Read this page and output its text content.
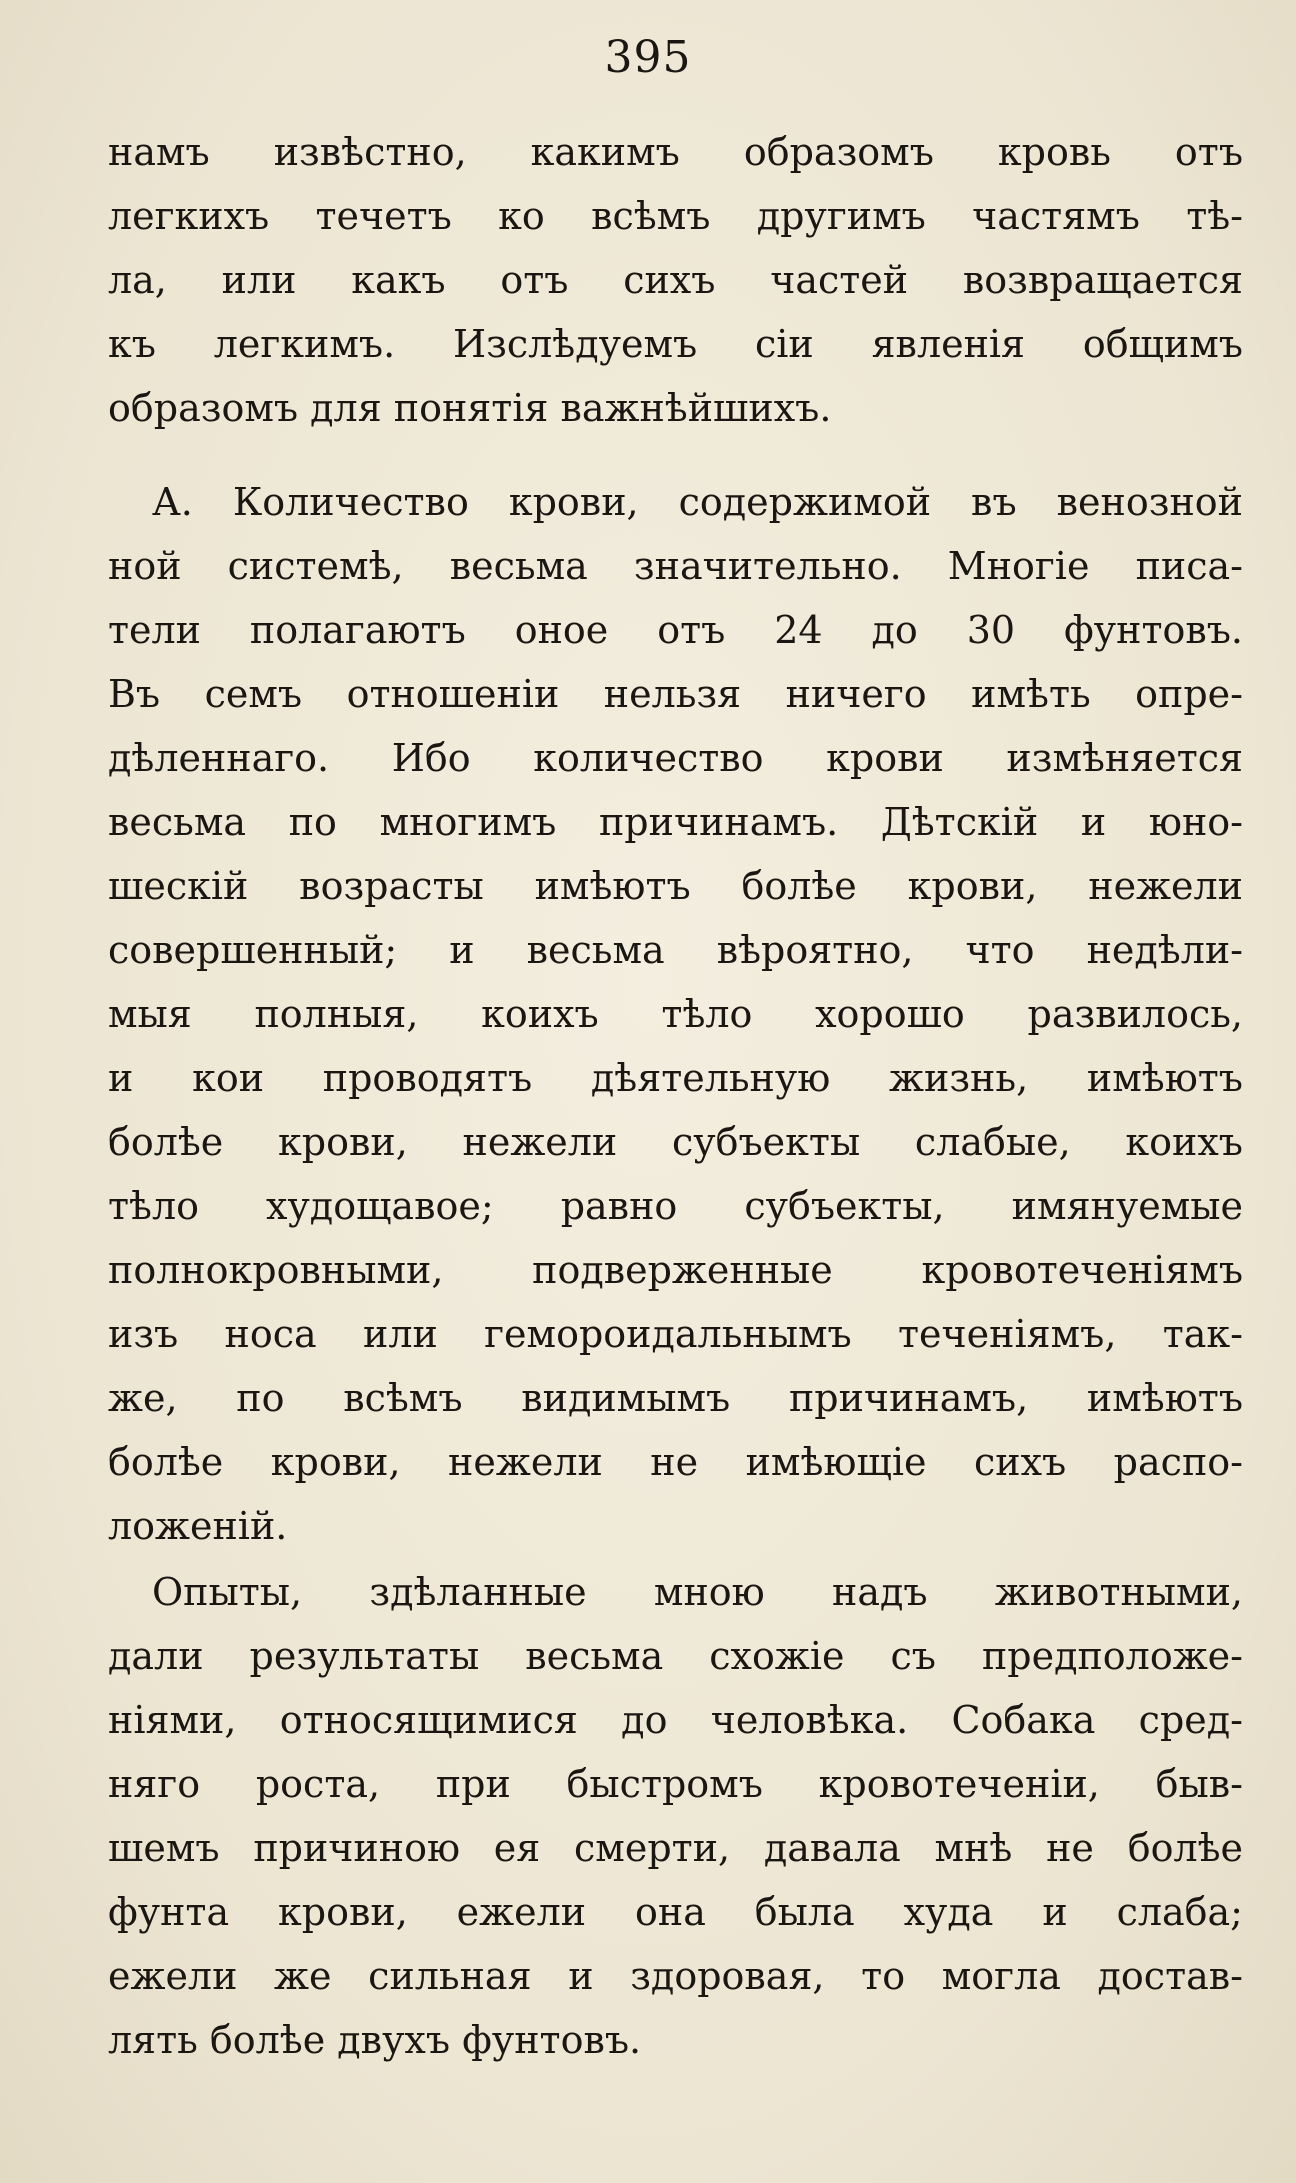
395
намъ извѣстно, какимъ образомъ кровь отъ
легкихъ течетъ ко всѣмъ другимъ частямъ тѣ-
ла, или какъ отъ сихъ частей возвращается
къ легкимъ. Изслѣдуемъ сіи явленія общимъ
образомъ для понятія важнѣйшихъ.
А. Количество крови, содержимой въ венозной
ной системѣ, весьма значительно. Многіе писа-
тели полагаютъ оное отъ 24 до 30 фунтовъ.
Въ семъ отношеніи нельзя ничего имѣть опре-
дѣленнаго. Ибо количество крови измѣняется
весьма по многимъ причинамъ. Дѣтскій и юно-
шескій возрасты имѣютъ болѣе крови, нежели
совершенный; и весьма вѣроятно, что недѣли-
мыя полныя, коихъ тѣло хорошо развилось,
и кои проводятъ дѣятельную жизнь, имѣютъ
болѣе крови, нежели субъекты слабые, коихъ
тѣло худощавое; равно субъекты, имянуемые
полнокровными, подверженные кровотеченіямъ
изъ носа или геморoидальнымъ теченіямъ, так-
же, по всѣмъ видимымъ причинамъ, имѣютъ
болѣе крови, нежели не имѣющіе сихъ распо-
ложеній.
Опыты, здѣланные мною надъ животными,
дали результаты весьма схожіе съ предположе-
ніями, относящимися до человѣка. Собака сред-
няго роста, при быстромъ кровотеченіи, быв-
шемъ причиною ея смерти, давала мнѣ не болѣе
фунта крови, ежели она была худа и слаба;
ежели же сильная и здоровая, то могла достав-
лять болѣе двухъ фунтовъ.
